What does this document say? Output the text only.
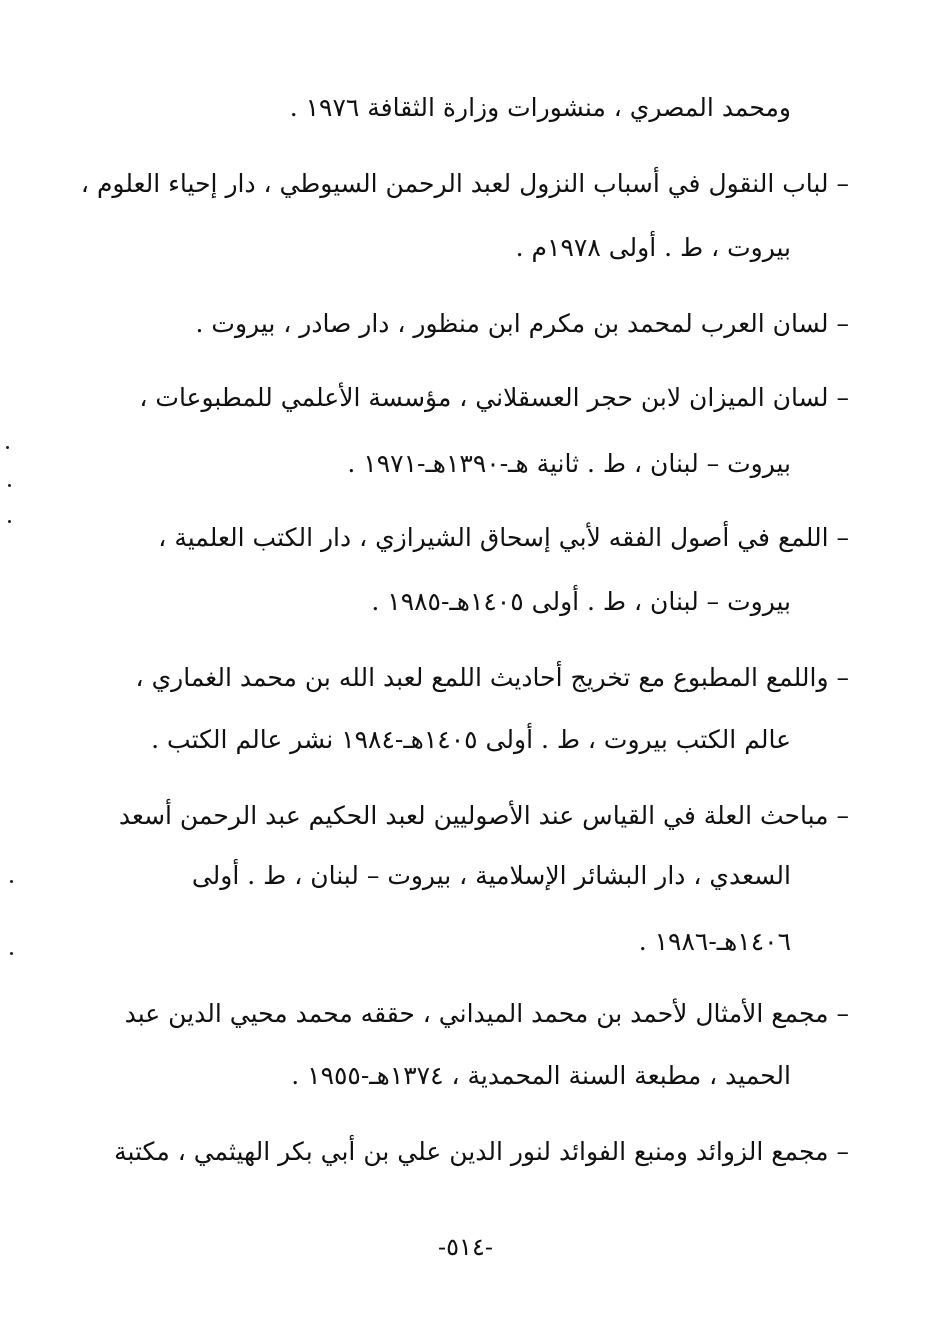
ومحمد المصري ، منشورات وزارة الثقافة ١٩٧٦ .
– لباب النقول في أسباب النزول لعبد الرحمن السيوطي ، دار إحياء العلوم ،
بيروت ، ط . أولى ١٩٧٨م .
– لسان العرب لمحمد بن مكرم ابن منظور ، دار صادر ، بيروت .
– لسان الميزان لابن حجر العسقلاني ، مؤسسة الأعلمي للمطبوعات ،
بيروت – لبنان ، ط . ثانية هـ-١٣٩٠هـ-١٩٧١ .
– اللمع في أصول الفقه لأبي إسحاق الشيرازي ، دار الكتب العلمية ،
بيروت – لبنان ، ط . أولى ١٤٠٥هـ-١٩٨٥ .
– واللمع المطبوع مع تخريج أحاديث اللمع لعبد الله بن محمد الغماري ،
عالم الكتب بيروت ، ط . أولى ١٤٠٥هـ-١٩٨٤ نشر عالم الكتب .
– مباحث العلة في القياس عند الأصوليين لعبد الحكيم عبد الرحمن أسعد
السعدي ، دار البشائر الإسلامية ، بيروت – لبنان ، ط . أولى
١٤٠٦هـ-١٩٨٦ .
– مجمع الأمثال لأحمد بن محمد الميداني ، حققه محمد محيي الدين عبد
الحميد ، مطبعة السنة المحمدية ، ١٣٧٤هـ-١٩٥٥ .
– مجمع الزوائد ومنبع الفوائد لنور الدين علي بن أبي بكر الهيثمي ، مكتبة
-٥١٤-
